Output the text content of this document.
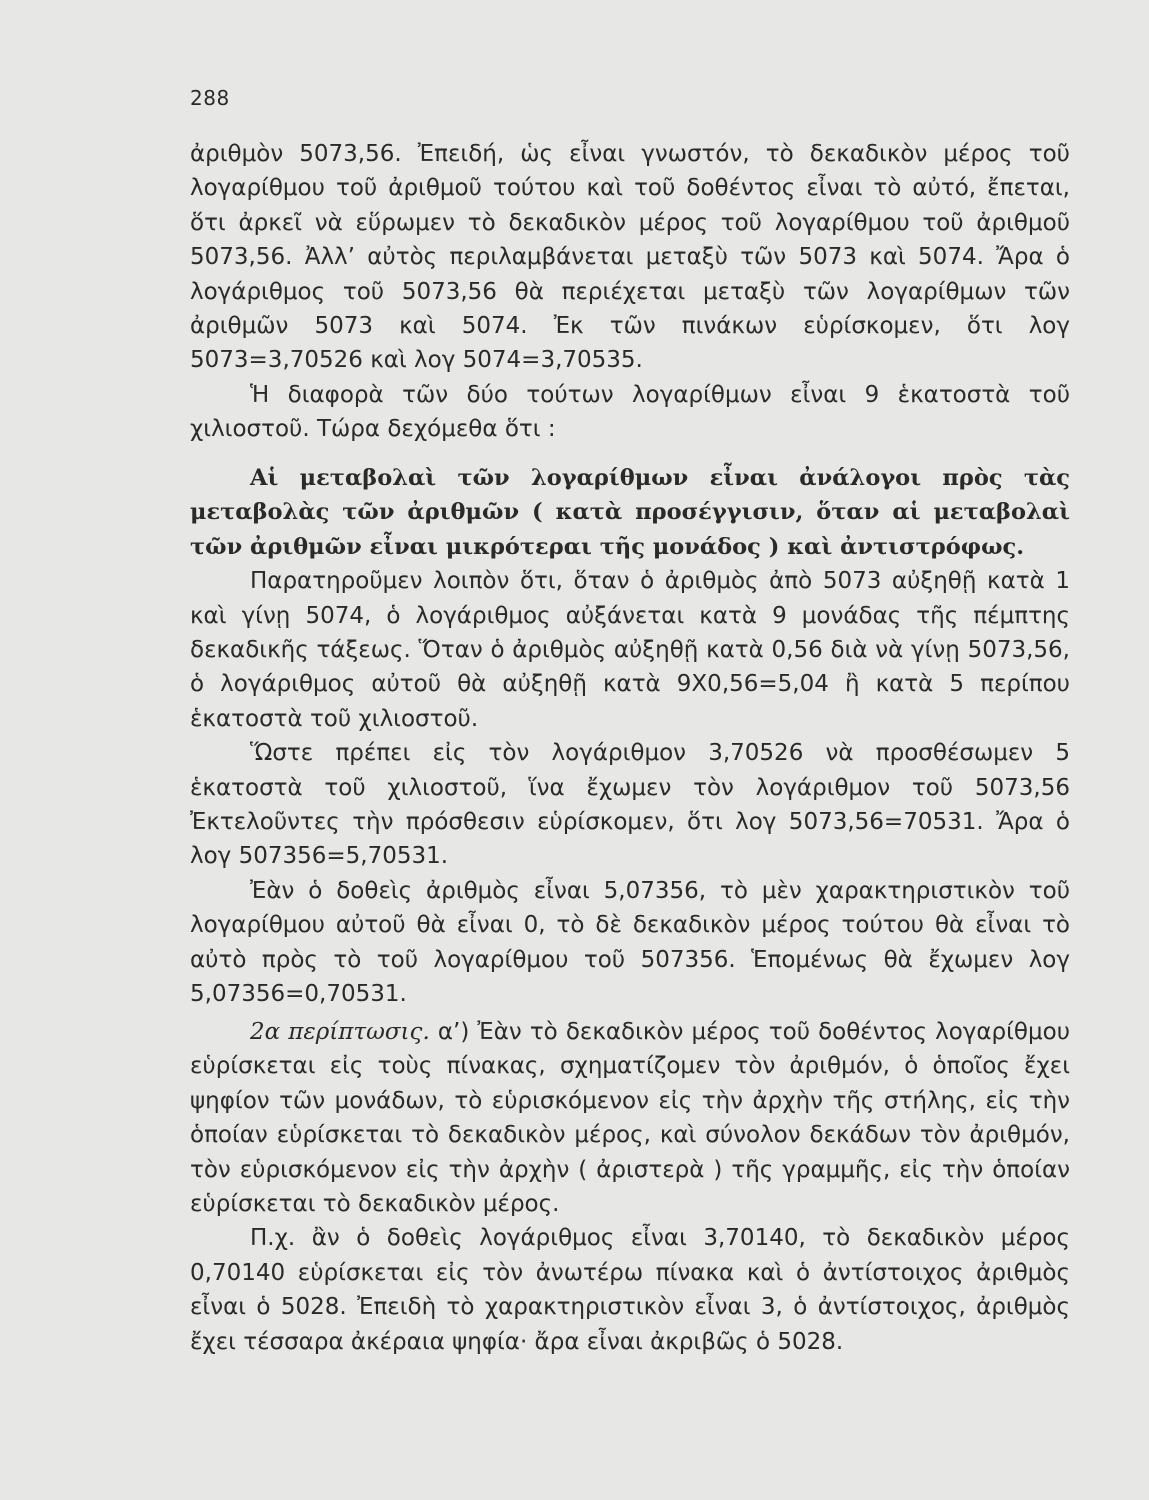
288

ἀριθμὸν 5073,56. Ἐπειδή, ὡς εἶναι γνωστόν, τὸ δεκαδικὸν μέρος τοῦ λογαρίθμου τοῦ ἀριθμοῦ τούτου καὶ τοῦ δοθέντος εἶναι τὸ αὐτό, ἔπεται, ὅτι ἀρκεῖ νὰ εὕρωμεν τὸ δεκαδικὸν μέρος τοῦ λογαρίθμου τοῦ ἀριθμοῦ 5073,56. Ἀλλ’ αὐτὸς περιλαμβάνεται μεταξὺ τῶν 5073 καὶ 5074. Ἄρα ὁ λογάριθμος τοῦ 5073,56 θὰ περιέχεται μεταξὺ τῶν λογαρίθμων τῶν ἀριθμῶν 5073 καὶ 5074. Ἐκ τῶν πινάκων εὑρίσκομεν, ὅτι λογ 5073=3,70526 καὶ λογ 5074=3,70535.

Ἡ διαφορὰ τῶν δύο τούτων λογαρίθμων εἶναι 9 ἑκατοστὰ τοῦ χιλιοστοῦ. Τώρα δεχόμεθα ὅτι :

Αἱ μεταβολαὶ τῶν λογαρίθμων εἶναι ἀνάλογοι πρὸς τὰς μεταβολὰς τῶν ἀριθμῶν ( κατὰ προσέγγισιν, ὅταν αἱ μεταβολαὶ τῶν ἀριθμῶν εἶναι μικρότεραι τῆς μονάδος ) καὶ ἀντιστρόφως.

Παρατηροῦμεν λοιπὸν ὅτι, ὅταν ὁ ἀριθμὸς ἀπὸ 5073 αὐξηθῇ κατὰ 1 καὶ γίνῃ 5074, ὁ λογάριθμος αὐξάνεται κατὰ 9 μονάδας τῆς πέμπτης δεκαδικῆς τάξεως. Ὅταν ὁ ἀριθμὸς αὐξηθῇ κατὰ 0,56 διὰ νὰ γίνῃ 5073,56, ὁ λογάριθμος αὐτοῦ θὰ αὐξηθῇ κατὰ 9Χ0,56=5,04 ἢ κατὰ 5 περίπου ἑκατοστὰ τοῦ χιλιοστοῦ.

Ὥστε πρέπει εἰς τὸν λογάριθμον 3,70526 νὰ προσθέσωμεν 5 ἑκατοστὰ τοῦ χιλιοστοῦ, ἵνα ἔχωμεν τὸν λογάριθμον τοῦ 5073,56 Ἐκτελοῦντες τὴν πρόσθεσιν εὑρίσκομεν, ὅτι λογ 5073,56=70531. Ἄρα ὁ λογ 507356=5,70531.

Ἐὰν ὁ δοθεὶς ἀριθμὸς εἶναι 5,07356, τὸ μὲν χαρακτηριστικὸν τοῦ λογαρίθμου αὐτοῦ θὰ εἶναι 0, τὸ δὲ δεκαδικὸν μέρος τούτου θὰ εἶναι τὸ αὐτὸ πρὸς τὸ τοῦ λογαρίθμου τοῦ 507356. Ἑπομένως θὰ ἔχωμεν λογ 5,07356=0,70531.

2α περίπτωσις. α’) Ἐὰν τὸ δεκαδικὸν μέρος τοῦ δοθέντος λογαρίθμου εὑρίσκεται εἰς τοὺς πίνακας, σχηματίζομεν τὸν ἀριθμόν, ὁ ὁποῖος ἔχει ψηφίον τῶν μονάδων, τὸ εὑρισκόμενον εἰς τὴν ἀρχὴν τῆς στήλης, εἰς τὴν ὁποίαν εὑρίσκεται τὸ δεκαδικὸν μέρος, καὶ σύνολον δεκάδων τὸν ἀριθμόν, τὸν εὑρισκόμενον εἰς τὴν ἀρχὴν ( ἀριστερὰ ) τῆς γραμμῆς, εἰς τὴν ὁποίαν εὑρίσκεται τὸ δεκαδικὸν μέρος.

Π.χ. ἂν ὁ δοθεὶς λογάριθμος εἶναι 3,70140, τὸ δεκαδικὸν μέρος 0,70140 εὑρίσκεται εἰς τὸν ἀνωτέρω πίνακα καὶ ὁ ἀντίστοιχος ἀριθμὸς εἶναι ὁ 5028. Ἐπειδὴ τὸ χαρακτηριστικὸν εἶναι 3, ὁ ἀντίστοιχος, ἀριθμὸς ἔχει τέσσαρα ἀκέραια ψηφία· ἄρα εἶναι ἀκριβῶς ὁ 5028.
